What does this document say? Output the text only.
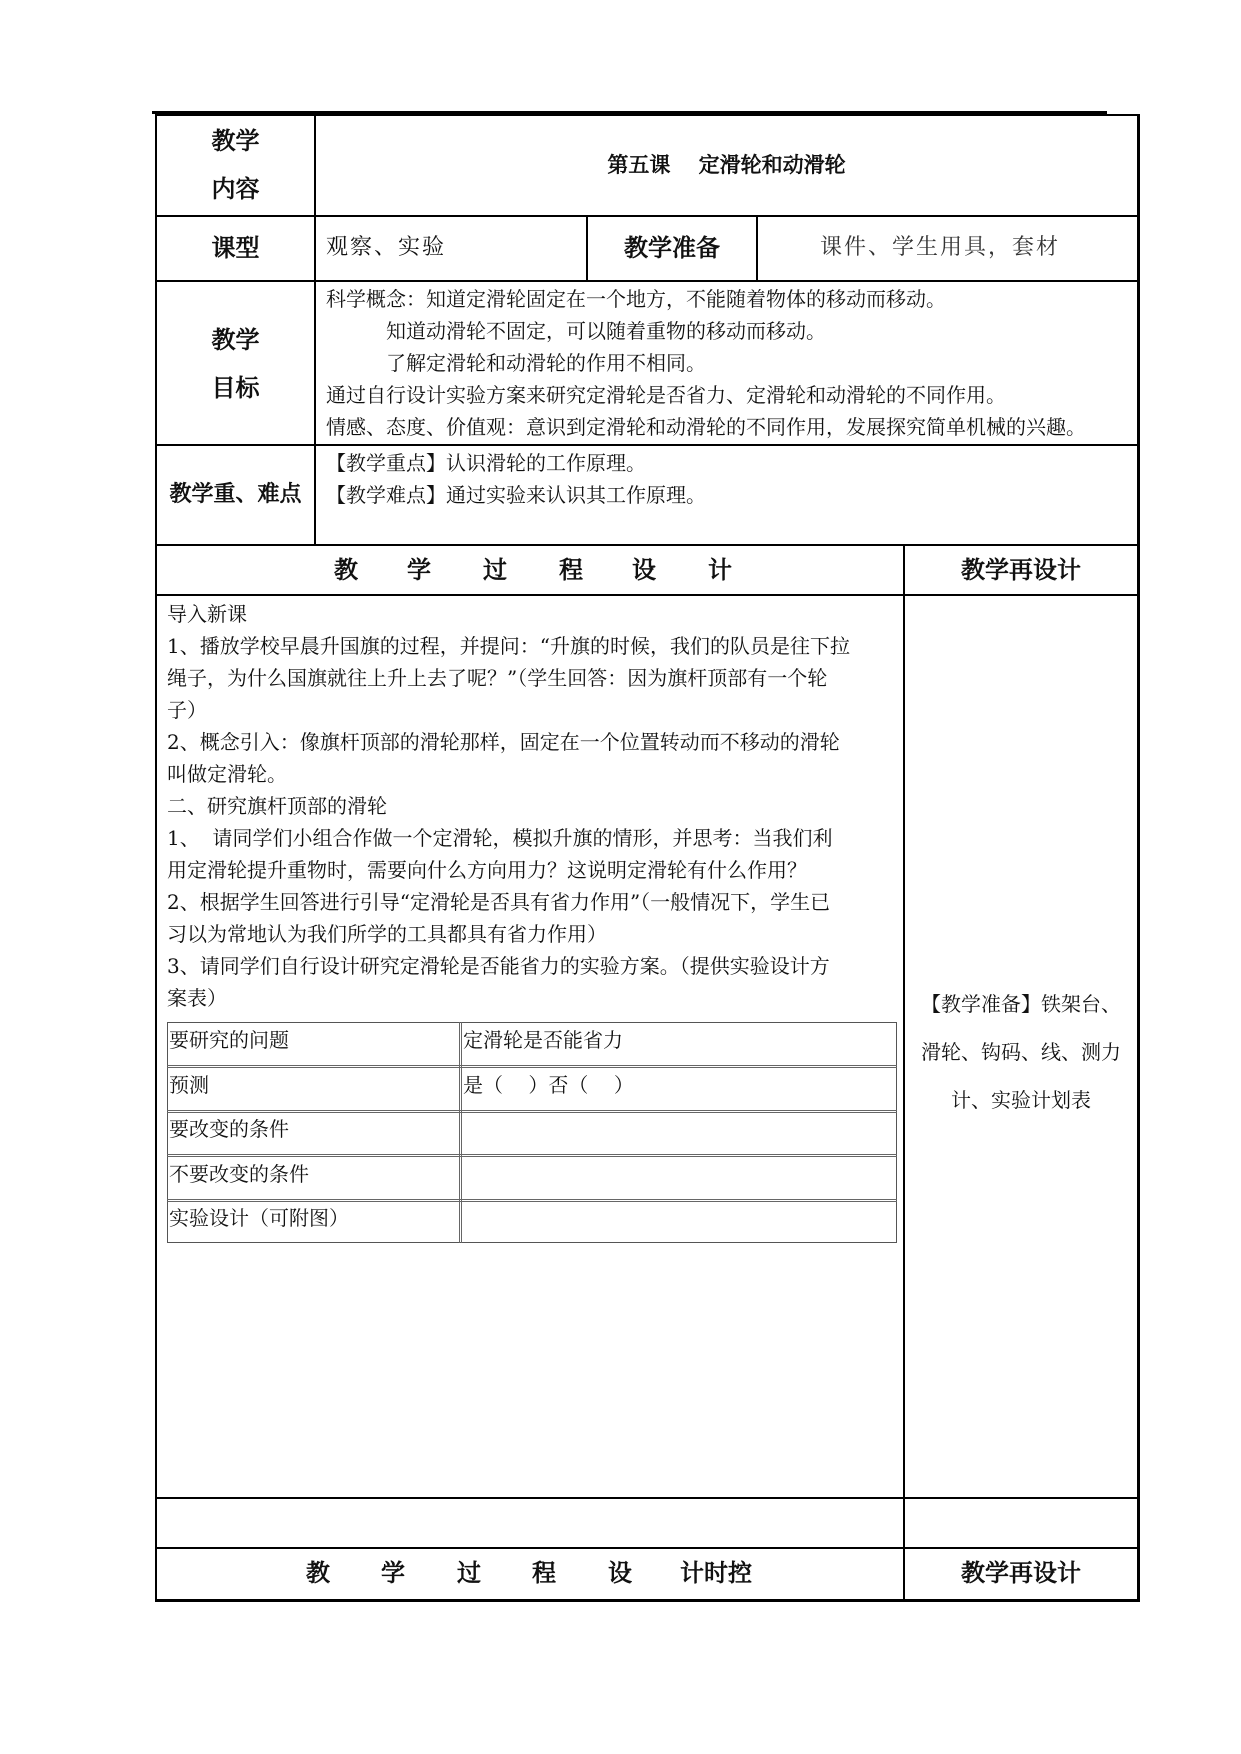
教学
内容
第五课　 定滑轮和动滑轮
课型	观察、实验	教学准备	课件、学生用具，套材
教学
目标
科学概念：知道定滑轮固定在一个地方，不能随着物体的移动而移动。
知道动滑轮不固定，可以随着重物的移动而移动。
了解定滑轮和动滑轮的作用不相同。
通过自行设计实验方案来研究定滑轮是否省力、定滑轮和动滑轮的不同作用。
情感、态度、价值观：意识到定滑轮和动滑轮的不同作用，发展探究简单机械的兴趣。
教学重、难点
【教学重点】认识滑轮的工作原理。
【教学难点】通过实验来认识其工作原理。
教	学	过	程	设	计	教学再设计
导入新课
1、播放学校早晨升国旗的过程，并提问：“升旗的时候，我们的队员是往下拉
绳子，为什么国旗就往上升上去了呢？”（学生回答：因为旗杆顶部有一个轮
子）
2、概念引入：像旗杆顶部的滑轮那样，固定在一个位置转动而不移动的滑轮
叫做定滑轮。
二、研究旗杆顶部的滑轮
1、  请同学们小组合作做一个定滑轮，模拟升旗的情形，并思考：当我们利
用定滑轮提升重物时，需要向什么方向用力？这说明定滑轮有什么作用？
2、根据学生回答进行引导“定滑轮是否具有省力作用”（一般情况下，学生已
习以为常地认为我们所学的工具都具有省力作用）
3、请同学们自行设计研究定滑轮是否能省力的实验方案。（提供实验设计方
案表）
要研究的问题	定滑轮是否能省力
预测	是（    ）否（    ）
要改变的条件
不要改变的条件
实验设计（可附图）
【教学准备】铁架台、
滑轮、钩码、线、测力
计、实验计划表
教	学	过	程	设	计时控	教学再设计
